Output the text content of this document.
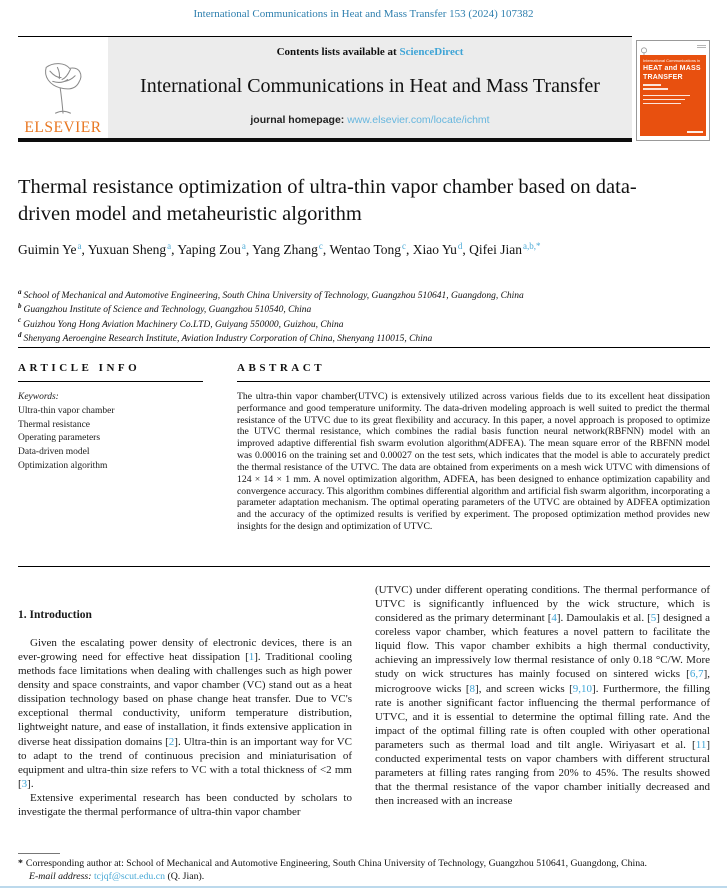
International Communications in Heat and Mass Transfer 153 (2024) 107382
ELSEVIER
Contents lists available at ScienceDirect
International Communications in Heat and Mass Transfer
journal homepage: www.elsevier.com/locate/ichmt
International Communications in
HEAT and MASS
TRANSFER
Thermal resistance optimization of ultra-thin vapor chamber based on data-driven model and metaheuristic algorithm
Guimin Ye$^a$, Yuxuan Sheng$^a$, Yaping Zou$^a$, Yang Zhang$^c$, Wentao Tong$^c$, Xiao Yu$^d$, Qifei Jian$^{a,b,*}$
$^a$ School of Mechanical and Automotive Engineering, South China University of Technology, Guangzhou 510641, Guangdong, China
$^b$ Guangzhou Institute of Science and Technology, Guangzhou 510540, China
$^c$ Guizhou Yong Hong Aviation Machinery Co.LTD, Guiyang 550000, Guizhou, China
$^d$ Shenyang Aeroengine Research Institute, Aviation Industry Corporation of China, Shenyang 110015, China
ARTICLE INFO
Keywords:
Ultra-thin vapor chamber
Thermal resistance
Operating parameters
Data-driven model
Optimization algorithm
ABSTRACT
The ultra-thin vapor chamber(UTVC) is extensively utilized across various fields due to its excellent heat dissipation performance and good temperature uniformity. The data-driven modeling approach is well suited to predict the thermal resistance of the UTVC due to its great flexibility and accuracy. In this paper, a novel approach is proposed to optimize the UTVC thermal resistance, which combines the radial basis function neural network(RBFNN) model with an improved adaptive differential fish swarm evolution algorithm(ADFEA). The mean square error of the RBFNN model was 0.00016 on the training set and 0.00027 on the test sets, which indicates that the model is able to accurately predict the thermal resistance of the UTVC. The data are obtained from experiments on a mesh wick UTVC with dimensions of 124 × 14 × 1 mm. A novel optimization algorithm, ADFEA, has been designed to enhance optimization capability and convergence accuracy. This algorithm combines differential algorithm and artificial fish swarm algorithm, incorporating a parameter adaptation mechanism. The optimal operating parameters of the UTVC are obtained by ADFEA optimization and the accuracy of the optimized results is verified by experiment. The proposed optimization method provides new insights for the design and optimization of UTVC.
1. Introduction

Given the escalating power density of electronic devices, there is an ever-growing need for effective heat dissipation [1]. Traditional cooling methods face limitations when dealing with challenges such as high power density and space constraints, and vapor chamber (VC) stand out as a heat dissipation technology based on phase change heat transfer. Due to VC's exceptional thermal conductivity, uniform temperature distribution, lightweight nature, and ease of installation, it finds extensive application in diverse heat dissipation domains [2]. Ultra-thin is an important way for VC to adapt to the trend of continuous precision and miniaturisation of equipment and ultra-thin size refers to VC with a total thickness of <2 mm [3].

Extensive experimental research has been conducted by scholars to investigate the thermal performance of ultra-thin vapor chamber

(UTVC) under different operating conditions. The thermal performance of UTVC is significantly influenced by the wick structure, which is considered as the primary determinant [4]. Damoulakis et al. [5] designed a coreless vapor chamber, which features a novel pattern to facilitate the liquid flow. This vapor chamber exhibits a high thermal conductivity, achieving an impressively low thermal resistance of only 0.18 °C/W. More study on wick structures has mainly focused on sintered wicks [6,7], microgroove wicks [8], and screen wicks [9,10]. Furthermore, the filling rate is another significant factor influencing the thermal performance of UTVC, and it is essential to determine the optimal filling rate. And the impact of the optimal filling rate is often coupled with other operational parameters such as thermal load and tilt angle. Wiriyasart et al. [11] conducted experimental tests on vapor chambers with different structural parameters at filling rates ranging from 20% to 45%. The results showed that the thermal resistance of the vapor chamber initially decreased and then increased with an increase

* Corresponding author at: School of Mechanical and Automotive Engineering, South China University of Technology, Guangzhou 510641, Guangdong, China.
E-mail address: tcjqf@scut.edu.cn (Q. Jian).
